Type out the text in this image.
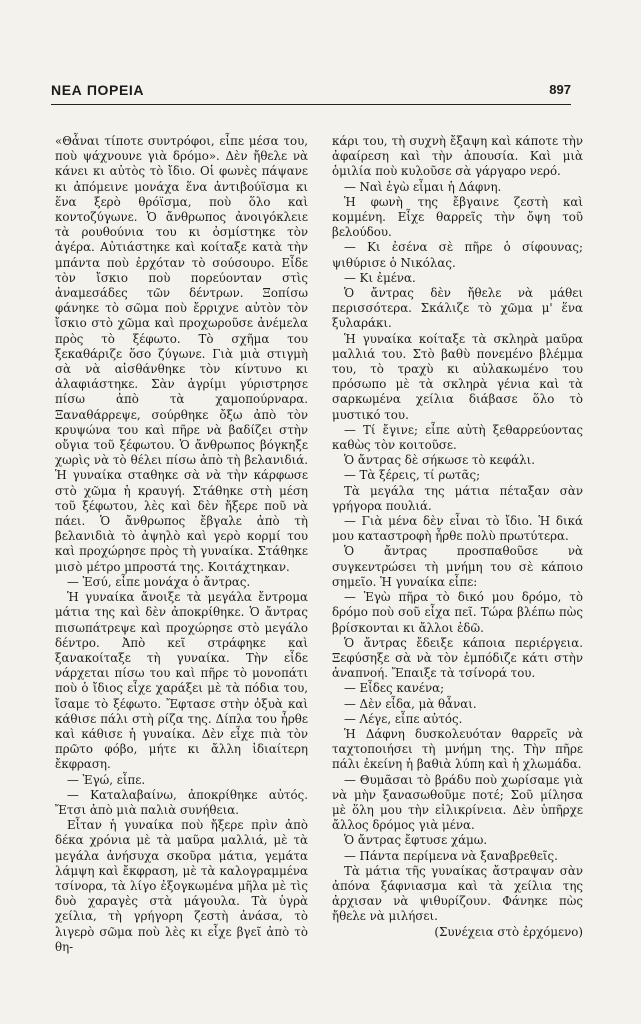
ΝΕΑ ΠΟΡΕΙΑ	897

«Θἆναι τίποτε συντρόφοι, εἶπε μέσα του, ποὺ ψάχνουνε γιὰ δρόμο». Δὲν ἤθελε νὰ κάνει κι αὐτὸς τὸ ἴδιο. Οἱ φωνὲς πάψανε κι ἀπόμεινε μονάχα ἕνα ἀντιβούϊσμα κι ἕνα ξερὸ θρόϊσμα, ποὺ ὅλο καὶ κοντοζύγωνε. Ὁ ἄνθρωπος ἀνοιγόκλειε τὰ ρουθούνια του κι ὀσμίστηκε τὸν ἀγέρα. Αὐτιάστηκε καὶ κοίταξε κατὰ τὴν μπάντα ποὺ ἐρχόταν τὸ σούσουρο. Εἶδε τὸν ἴσκιο ποὺ πορεύονταν στὶς ἀναμεσάδες τῶν δέντρων. Ξοπίσω φάνηκε τὸ σῶμα ποὺ ἔρριχνε αὐτὸν τὸν ἴσκιο στὸ χῶμα καὶ προχωροῦσε ἀνέμελα πρὸς τὸ ξέφωτο. Τὸ σχῆμα του ξεκαθάριζε ὅσο ζύγωνε. Γιὰ μιὰ στιγμὴ σὰ νὰ αἰσθάνθηκε τὸν κίντυνο κι ἀλαφιάστηκε. Σὰν ἀγρίμι γύριστρησε πίσω ἀπὸ τὰ χαμοπούρναρα. Ξαναθάρρεψε, σούρθηκε ὄξω ἀπὸ τὸν κρυψώνα του καὶ πῆρε νὰ βαδίζει στὴν οὔγια τοῦ ξέφωτου. Ὁ ἄνθρωπος βόγκηξε χωρὶς νὰ τὸ θέλει πίσω ἀπὸ τὴ βελανιδιά. Ἡ γυναίκα σταθηκε σὰ νὰ τὴν κάρφωσε στὸ χῶμα ἡ κραυγή. Στάθηκε στὴ μέση τοῦ ξέφωτου, λὲς καὶ δὲν ἤξερε ποῦ νὰ πάει. Ὁ ἄνθρωπος ἔβγαλε ἀπὸ τὴ βελανιδιὰ τὸ ἀψηλὸ καὶ γερὸ κορμί του καὶ προχώρησε πρὸς τὴ γυναίκα. Στάθηκε μισὸ μέτρο μπροστά της. Κοιτάχτηκαν.

— Ἐσύ, εἶπε μονάχα ὁ ἄντρας.

Ἡ γυναίκα ἄνοιξε τὰ μεγάλα ἔντρομα μάτια της καὶ δὲν ἀποκρίθηκε. Ὁ ἄντρας πισωπάτρεψε καὶ προχώρησε στὸ μεγάλο δέντρο. Ἀπὸ κεῖ στράφηκε καὶ ξανακοίταξε τὴ γυναίκα. Τὴν εἶδε νάρχεται πίσω του καὶ πῆρε τὸ μονοπάτι ποὺ ὁ ἴδιος εἶχε χαράξει μὲ τὰ πόδια του, ἴσαμε τὸ ξέφωτο. Ἔφτασε στὴν ὀξυὰ καὶ κάθισε πάλι στὴ ρίζα της. Δίπλα του ἦρθε καὶ κάθισε ἡ γυναίκα. Δὲν εἶχε πιὰ τὸν πρῶτο φόβο, μήτε κι ἄλλη ἰδιαίτερη ἔκφραση.

— Ἐγώ, εἶπε.

— Καταλαβαίνω, ἀποκρίθηκε αὐτός. Ἔτσι ἀπὸ μιὰ παλιὰ συνήθεια.

Εἶταν ἡ γυναίκα ποὺ ἤξερε πρὶν ἀπὸ δέκα χρόνια μὲ τὰ μαῦρα μαλλιά, μὲ τὰ μεγάλα ἀνήσυχα σκοῦρα μάτια, γεμάτα λάμψη καὶ ἔκφραση, μὲ τὰ καλογραμμένα τσίνορα, τὰ λίγο ἐξογκωμένα μῆλα μὲ τὶς δυὸ χαραγὲς στὰ μάγουλα. Τὰ ὑγρὰ χείλια, τὴ γρήγορη ζεστὴ ἀνάσα, τὸ λιγερὸ σῶμα ποὺ λὲς κι εἶχε βγεῖ ἀπὸ τὸ θη-

κάρι του, τὴ συχνὴ ἔξαψη καὶ κάποτε τὴν ἀφαίρεση καὶ τὴν ἀπουσία. Καὶ μιὰ ὁμιλία ποὺ κυλοῦσε σὰ γάργαρο νερό.

— Ναὶ ἐγὼ εἶμαι ἡ Δάφνη.

Ἡ φωνὴ της ἔβγαινε ζεστὴ καὶ κομμένη. Εἶχε θαρρεῖς τὴν ὄψη τοῦ βελούδου.

— Κι ἐσένα σὲ πῆρε ὁ σίφουνας; ψιθύρισε ὁ Νικόλας.

— Κι ἐμένα.

Ὁ ἄντρας δὲν ἤθελε νὰ μάθει περισσότερα. Σκάλιζε τὸ χῶμα μ' ἕνα ξυλαράκι.

Ἡ γυναίκα κοίταξε τὰ σκληρὰ μαῦρα μαλλιά του. Στὸ βαθὺ πονεμένο βλέμμα του, τὸ τραχὺ κι αὐλακωμένο του πρόσωπο μὲ τὰ σκληρὰ γένια καὶ τὰ σαρκωμένα χείλια διάβασε ὅλο τὸ μυστικό του.

— Τί ἔγινε; εἶπε αὐτὴ ξεθαρρεύοντας καθὼς τὸν κοιτοῦσε.

Ὁ ἄντρας δὲ σήκωσε τὸ κεφάλι.

— Τὰ ξέρεις, τί ρωτᾶς;

Τὰ μεγάλα της μάτια πέταξαν σὰν γρήγορα πουλιά.

— Γιὰ μένα δὲν εἶναι τὸ ἴδιο. Ἡ δικά μου καταστροφὴ ἦρθε πολὺ πρωτύτερα.

Ὁ ἄντρας προσπαθοῦσε νὰ συγκεντρώσει τὴ μνήμη του σὲ κάποιο σημεῖο. Ἡ γυναίκα εἶπε:

— Ἐγὼ πῆρα τὸ δικό μου δρόμο, τὸ δρόμο ποὺ σοῦ εἶχα πεῖ. Τώρα βλέπω πὼς βρίσκονται κι ἄλλοι ἐδῶ.

Ὁ ἄντρας ἔδειξε κάποια περιέργεια. Ξεφύσηξε σὰ νὰ τὸν ἐμπόδιζε κάτι στὴν ἀναπνοή. Ἔπαιξε τὰ τσίνορά του.

— Εἶδες κανένα;

— Δὲν εἶδα, μὰ θἆναι.

— Λέγε, εἶπε αὐτός.

Ἡ Δάφνη δυσκολευόταν θαρρεῖς νὰ ταχτοποιήσει τὴ μνήμη της. Τὴν πῆρε πάλι ἐκείνη ἡ βαθιὰ λύπη καὶ ἡ χλωμάδα.

— Θυμᾶσαι τὸ βράδυ ποὺ χωρίσαμε γιὰ νὰ μὴν ξανασωθοῦμε ποτέ; Σοῦ μίλησα μὲ ὅλη μου τὴν εἰλικρίνεια. Δὲν ὑπῆρχε ἄλλος δρόμος γιὰ μένα.

Ὁ ἄντρας ἔφτυσε χάμω.

— Πάντα περίμενα νὰ ξαναβρεθεῖς.

Τὰ μάτια τῆς γυναίκας ἄστραψαν σὰν ἀπόνα ξάφνιασμα καὶ τὰ χείλια της ἀρχισαν νὰ ψιθυρίζουν. Φάνηκε πὼς ἤθελε νὰ μιλήσει.

(Συνέχεια στὸ ἐρχόμενο)
